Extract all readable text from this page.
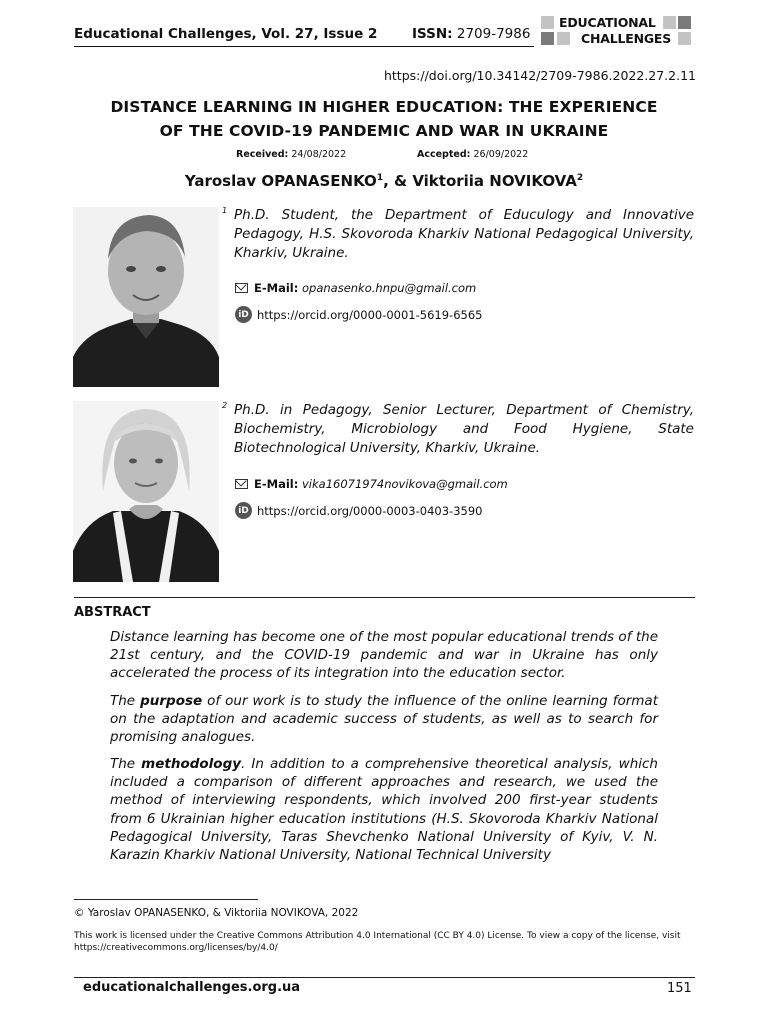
Educational Challenges, Vol. 27, Issue 2	ISSN: 2709-7986
EDUCATIONAL
CHALLENGES
https://doi.org/10.34142/2709-7986.2022.27.2.11
DISTANCE LEARNING IN HIGHER EDUCATION: THE EXPERIENCE
OF THE COVID-19 PANDEMIC AND WAR IN UKRAINE
Received: 24/08/2022	Accepted: 26/09/2022
Yaroslav OPANASENKO$^1$, & Viktoriia NOVIKOVA$^2$
$^1$ Ph.D. Student, the Department of Educulogy and Innovative Pedagogy, H.S. Skovoroda Kharkiv National Pedagogical University, Kharkiv, Ukraine.
E-Mail: opanasenko.hnpu@gmail.com
iD https://orcid.org/0000-0001-5619-6565
$^2$ Ph.D. in Pedagogy, Senior Lecturer, Department of Chemistry, Biochemistry, Microbiology and Food Hygiene, State Biotechnological University, Kharkiv, Ukraine.
E-Mail: vika16071974novikova@gmail.com
iD https://orcid.org/0000-0003-0403-3590
ABSTRACT
Distance learning has become one of the most popular educational trends of the 21st century, and the COVID-19 pandemic and war in Ukraine has only accelerated the process of its integration into the education sector.
The purpose of our work is to study the influence of the online learning format on the adaptation and academic success of students, as well as to search for promising analogues.
The methodology. In addition to a comprehensive theoretical analysis, which included a comparison of different approaches and research, we used the method of interviewing respondents, which involved 200 first-year students from 6 Ukrainian higher education institutions (H.S. Skovoroda Kharkiv National Pedagogical University, Taras Shevchenko National University of Kyiv, V. N. Karazin Kharkiv National University, National Technical University
© Yaroslav OPANASENKO, & Viktoriia NOVIKOVA, 2022
This work is licensed under the Creative Commons Attribution 4.0 International (CC BY 4.0) License. To view a copy of the license, visit https://creativecommons.org/licenses/by/4.0/
educationalchallenges.org.ua	151
